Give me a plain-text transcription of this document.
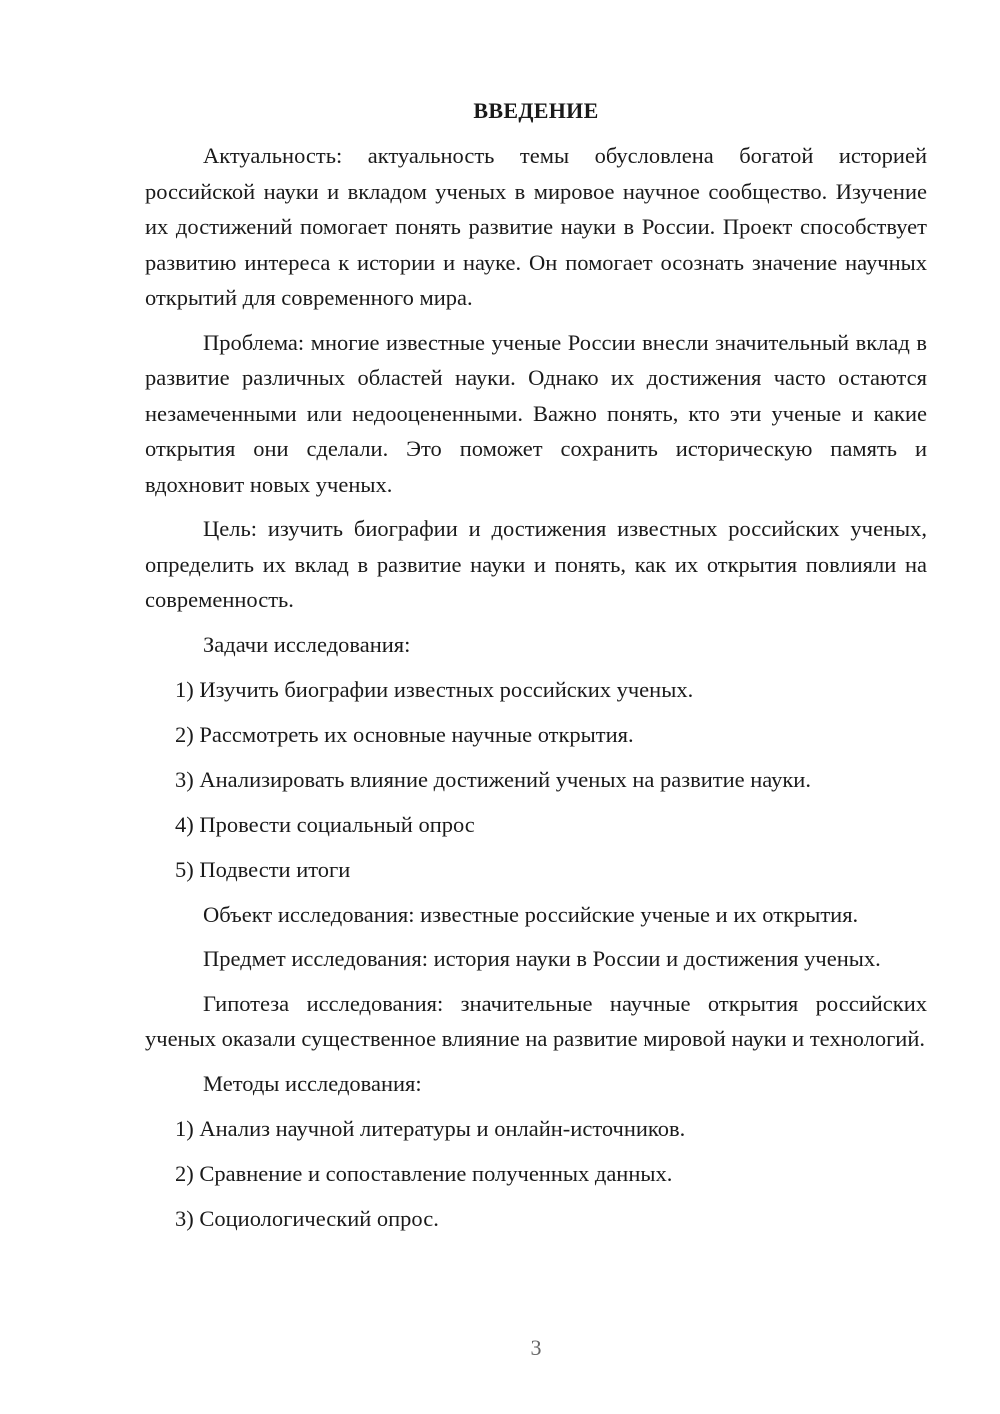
ВВЕДЕНИЕ

Актуальность: актуальность темы обусловлена богатой историей российской науки и вкладом ученых в мировое научное сообщество. Изучение их достижений помогает понять развитие науки в России. Проект способствует развитию интереса к истории и науке. Он помогает осознать значение научных открытий для современного мира.

Проблема: многие известные ученые России внесли значительный вклад в развитие различных областей науки. Однако их достижения часто остаются незамеченными или недооцененными. Важно понять, кто эти ученые и какие открытия они сделали. Это поможет сохранить историческую память и вдохновит новых ученых.

Цель: изучить биографии и достижения известных российских ученых, определить их вклад в развитие науки и понять, как их открытия повлияли на современность.

Задачи исследования:
1) Изучить биографии известных российских ученых.
2) Рассмотреть их основные научные открытия.
3) Анализировать влияние достижений ученых на развитие науки.
4) Провести социальный опрос
5) Подвести итоги

Объект исследования: известные российские ученые и их открытия.

Предмет исследования: история науки в России и достижения ученых.

Гипотеза исследования: значительные научные открытия российских ученых оказали существенное влияние на развитие мировой науки и технологий.

Методы исследования:
1) Анализ научной литературы и онлайн-источников.
2) Сравнение и сопоставление полученных данных.
3) Социологический опрос.
3
